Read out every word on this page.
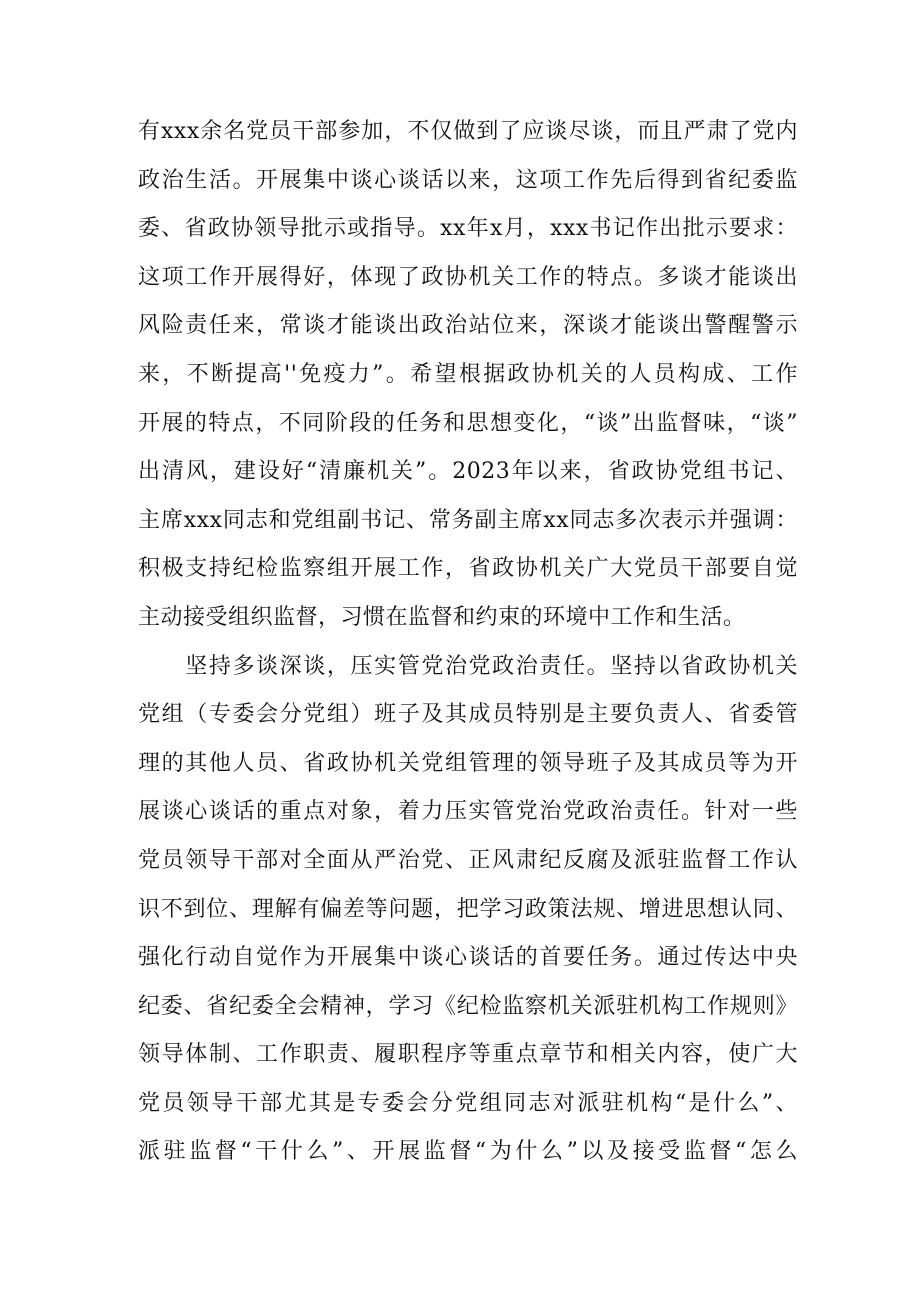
有xxx余名党员干部参加，不仅做到了应谈尽谈，而且严肃了党内
政治生活。开展集中谈心谈话以来，这项工作先后得到省纪委监
委、省政协领导批示或指导。xx年x月，xxx书记作出批示要求：
这项工作开展得好，体现了政协机关工作的特点。多谈才能谈出
风险责任来，常谈才能谈出政治站位来，深谈才能谈出警醒警示
来，不断提高''免疫力”。希望根据政协机关的人员构成、工作
开展的特点，不同阶段的任务和思想变化，“谈”出监督味，“谈”
出清风，建设好“清廉机关”。2023年以来，省政协党组书记、
主席xxx同志和党组副书记、常务副主席xx同志多次表示并强调：
积极支持纪检监察组开展工作，省政协机关广大党员干部要自觉
主动接受组织监督，习惯在监督和约束的环境中工作和生活。
　　坚持多谈深谈，压实管党治党政治责任。坚持以省政协机关
党组（专委会分党组）班子及其成员特别是主要负责人、省委管
理的其他人员、省政协机关党组管理的领导班子及其成员等为开
展谈心谈话的重点对象，着力压实管党治党政治责任。针对一些
党员领导干部对全面从严治党、正风肃纪反腐及派驻监督工作认
识不到位、理解有偏差等问题，把学习政策法规、增进思想认同、
强化行动自觉作为开展集中谈心谈话的首要任务。通过传达中央
纪委、省纪委全会精神，学习《纪检监察机关派驻机构工作规则》
领导体制、工作职责、履职程序等重点章节和相关内容，使广大
党员领导干部尤其是专委会分党组同志对派驻机构“是什么”、
派驻监督“干什么”、开展监督“为什么”以及接受监督“怎么
